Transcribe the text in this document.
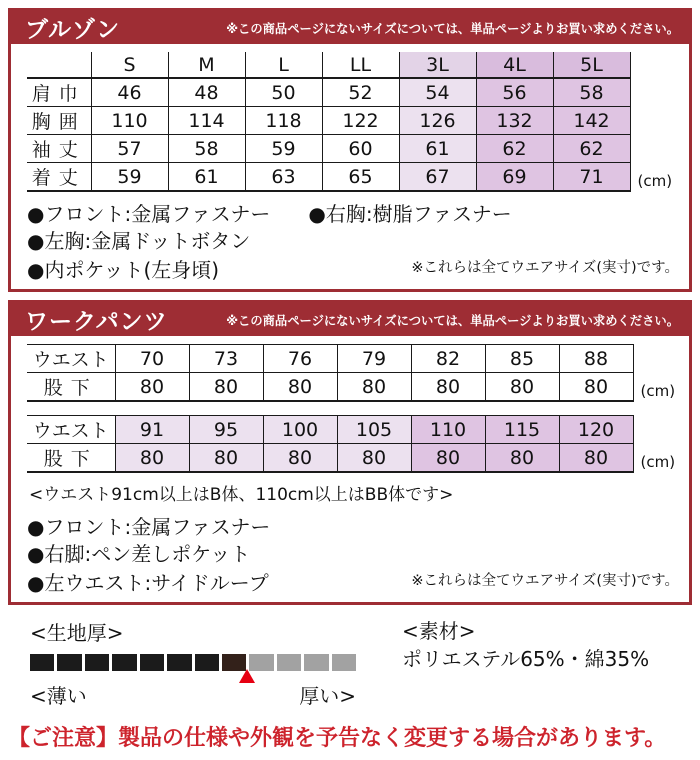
ブルゾン	※この商品ページにないサイズについては、単品ページよりお買い求めください。
	S	M	L	LL	3L	4L	5L
肩巾	46	48	50	52	54	56	58
胸囲	110	114	118	122	126	132	142
袖丈	57	58	59	60	61	62	62
着丈	59	61	63	65	67	69	71 (cm)
●フロント:金属ファスナー ●右胸:樹脂ファスナー
●左胸:金属ドットボタン
●内ポケット(左身頃)	※これらは全てウエアサイズ(実寸)です。
ワークパンツ	※この商品ページにないサイズについては、単品ページよりお買い求めください。
ウエスト	70	73	76	79	82	85	88
股下	80	80	80	80	80	80	80 (cm)
ウエスト	91	95	100	105	110	115	120
股下	80	80	80	80	80	80	80 (cm)
<ウエスト91cm以上はB体、110cm以上はBB体です>
●フロント:金属ファスナー
●右脚:ペン差しポケット
●左ウエスト:サイドループ	※これらは全てウエアサイズ(実寸)です。
<生地厚>
<薄い	厚い>
<素材>
ポリエステル65%・綿35%
【ご注意】製品の仕様や外観を予告なく変更する場合があります。
